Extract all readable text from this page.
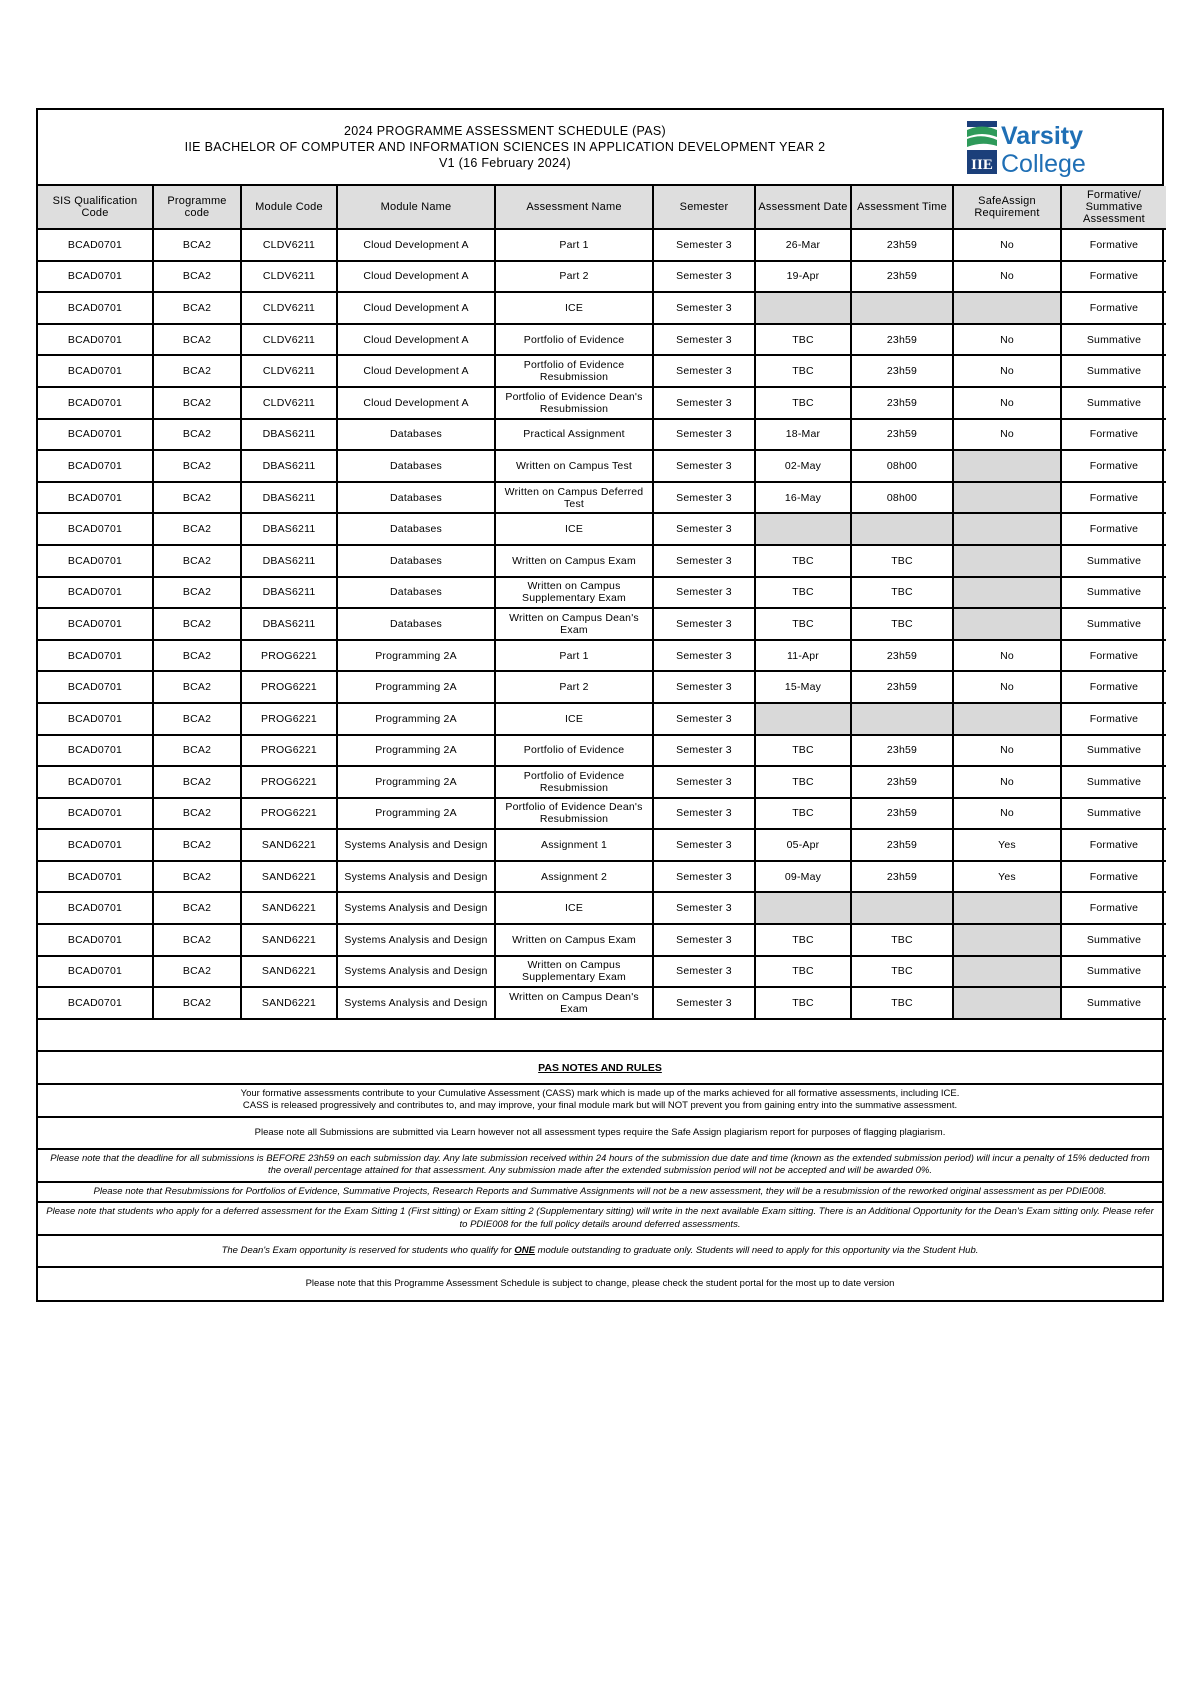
2024 PROGRAMME ASSESSMENT SCHEDULE (PAS)
IIE BACHELOR OF COMPUTER AND INFORMATION SCIENCES IN APPLICATION DEVELOPMENT YEAR 2
V1 (16 February 2024)	IIE
Varsity
College
SIS Qualification Code	Programme code	Module Code	Module Name	Assessment Name	Semester	Assessment Date	Assessment Time	SafeAssign Requirement	Formative/ Summative Assessment
BCAD0701	BCA2	CLDV6211	Cloud Development A	Part 1	Semester 3	26-Mar	23h59	No	Formative
BCAD0701	BCA2	CLDV6211	Cloud Development A	Part 2	Semester 3	19-Apr	23h59	No	Formative
BCAD0701	BCA2	CLDV6211	Cloud Development A	ICE	Semester 3				Formative
BCAD0701	BCA2	CLDV6211	Cloud Development A	Portfolio of Evidence	Semester 3	TBC	23h59	No	Summative
BCAD0701	BCA2	CLDV6211	Cloud Development A	Portfolio of Evidence Resubmission	Semester 3	TBC	23h59	No	Summative
BCAD0701	BCA2	CLDV6211	Cloud Development A	Portfolio of Evidence Dean's Resubmission	Semester 3	TBC	23h59	No	Summative
BCAD0701	BCA2	DBAS6211	Databases	Practical Assignment	Semester 3	18-Mar	23h59	No	Formative
BCAD0701	BCA2	DBAS6211	Databases	Written on Campus Test	Semester 3	02-May	08h00		Formative
BCAD0701	BCA2	DBAS6211	Databases	Written on Campus Deferred Test	Semester 3	16-May	08h00		Formative
BCAD0701	BCA2	DBAS6211	Databases	ICE	Semester 3				Formative
BCAD0701	BCA2	DBAS6211	Databases	Written on Campus Exam	Semester 3	TBC	TBC		Summative
BCAD0701	BCA2	DBAS6211	Databases	Written on Campus Supplementary Exam	Semester 3	TBC	TBC		Summative
BCAD0701	BCA2	DBAS6211	Databases	Written on Campus Dean's Exam	Semester 3	TBC	TBC		Summative
BCAD0701	BCA2	PROG6221	Programming 2A	Part 1	Semester 3	11-Apr	23h59	No	Formative
BCAD0701	BCA2	PROG6221	Programming 2A	Part 2	Semester 3	15-May	23h59	No	Formative
BCAD0701	BCA2	PROG6221	Programming 2A	ICE	Semester 3				Formative
BCAD0701	BCA2	PROG6221	Programming 2A	Portfolio of Evidence	Semester 3	TBC	23h59	No	Summative
BCAD0701	BCA2	PROG6221	Programming 2A	Portfolio of Evidence Resubmission	Semester 3	TBC	23h59	No	Summative
BCAD0701	BCA2	PROG6221	Programming 2A	Portfolio of Evidence Dean's Resubmission	Semester 3	TBC	23h59	No	Summative
BCAD0701	BCA2	SAND6221	Systems Analysis and Design	Assignment 1	Semester 3	05-Apr	23h59	Yes	Formative
BCAD0701	BCA2	SAND6221	Systems Analysis and Design	Assignment 2	Semester 3	09-May	23h59	Yes	Formative
BCAD0701	BCA2	SAND6221	Systems Analysis and Design	ICE	Semester 3				Formative
BCAD0701	BCA2	SAND6221	Systems Analysis and Design	Written on Campus Exam	Semester 3	TBC	TBC		Summative
BCAD0701	BCA2	SAND6221	Systems Analysis and Design	Written on Campus Supplementary Exam	Semester 3	TBC	TBC		Summative
BCAD0701	BCA2	SAND6221	Systems Analysis and Design	Written on Campus Dean's Exam	Semester 3	TBC	TBC		Summative
PAS NOTES AND RULES
Your formative assessments contribute to your Cumulative Assessment (CASS) mark which is made up of the marks achieved for all formative assessments, including ICE.
CASS is released progressively and contributes to, and may improve, your final module mark but will NOT prevent you from gaining entry into the summative assessment.
Please note all Submissions are submitted via Learn however not all assessment types require the Safe Assign plagiarism report for purposes of flagging plagiarism.
Please note that the deadline for all submissions is BEFORE 23h59 on each submission day. Any late submission received within 24 hours of the submission due date and time (known as the extended submission period) will incur a penalty of 15% deducted from the overall percentage attained for that assessment. Any submission made after the extended submission period will not be accepted and will be awarded 0%.
Please note that Resubmissions for Portfolios of Evidence, Summative Projects, Research Reports and Summative Assignments will not be a new assessment, they will be a resubmission of the reworked original assessment as per PDIE008.
Please note that students who apply for a deferred assessment for the Exam Sitting 1 (First sitting) or Exam sitting 2 (Supplementary sitting) will write in the next available Exam sitting. There is an Additional Opportunity for the Dean's Exam sitting only. Please refer to PDIE008 for the full policy details around deferred assessments.
The Dean's Exam opportunity is reserved for students who qualify for ONE module outstanding to graduate only. Students will need to apply for this opportunity via the Student Hub.
Please note that this Programme Assessment Schedule is subject to change, please check the student portal for the most up to date version
